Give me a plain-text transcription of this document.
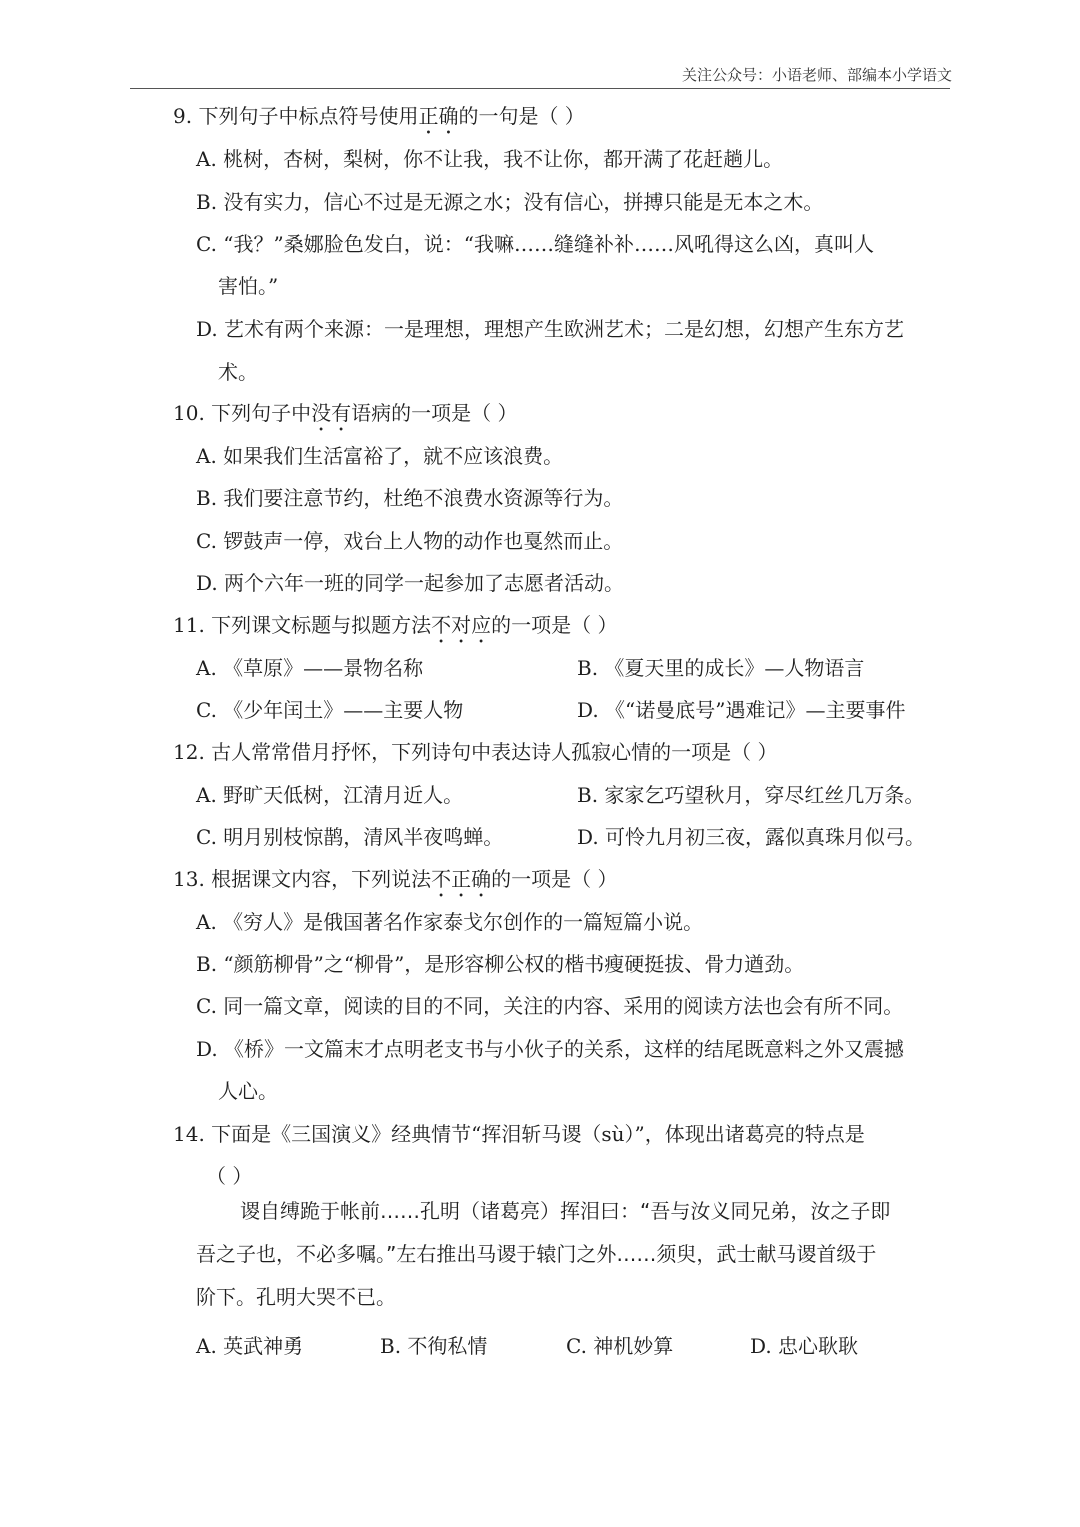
关注公众号：小语老师、部编本小学语文
9. 下列句子中标点符号使用正确的一句是（ ）
A. 桃树，杏树，梨树，你不让我，我不让你，都开满了花赶趟儿。
B. 没有实力，信心不过是无源之水；没有信心，拼搏只能是无本之木。
C. “我？”桑娜脸色发白，说：“我嘛……缝缝补补……风吼得这么凶，真叫人
害怕。”
D. 艺术有两个来源：一是理想，理想产生欧洲艺术；二是幻想，幻想产生东方艺
术。
10. 下列句子中没有语病的一项是（ ）
A. 如果我们生活富裕了，就不应该浪费。
B. 我们要注意节约，杜绝不浪费水资源等行为。
C. 锣鼓声一停，戏台上人物的动作也戛然而止。
D. 两个六年一班的同学一起参加了志愿者活动。
11. 下列课文标题与拟题方法不对应的一项是（ ）
A. 《草原》——景物名称	B. 《夏天里的成长》—人物语言
C. 《少年闰土》——主要人物	D. 《“诺曼底号”遇难记》—主要事件
12. 古人常常借月抒怀，下列诗句中表达诗人孤寂心情的一项是（ ）
A. 野旷天低树，江清月近人。	B. 家家乞巧望秋月，穿尽红丝几万条。
C. 明月别枝惊鹊，清风半夜鸣蝉。	D. 可怜九月初三夜，露似真珠月似弓。
13. 根据课文内容，下列说法不正确的一项是（ ）
A. 《穷人》是俄国著名作家泰戈尔创作的一篇短篇小说。
B. “颜筋柳骨”之“柳骨”，是形容柳公权的楷书瘦硬挺拔、骨力遒劲。
C. 同一篇文章，阅读的目的不同，关注的内容、采用的阅读方法也会有所不同。
D. 《桥》一文篇末才点明老支书与小伙子的关系，这样的结尾既意料之外又震撼
人心。
14. 下面是《三国演义》经典情节“挥泪斩马谡（sù）”，体现出诸葛亮的特点是
（ ）
谡自缚跪于帐前……孔明（诸葛亮）挥泪曰：“吾与汝义同兄弟，汝之子即
吾之子也，不必多嘱。”左右推出马谡于辕门之外……须臾，武士献马谡首级于
阶下。孔明大哭不已。
A. 英武神勇	B. 不徇私情	C. 神机妙算	D. 忠心耿耿
